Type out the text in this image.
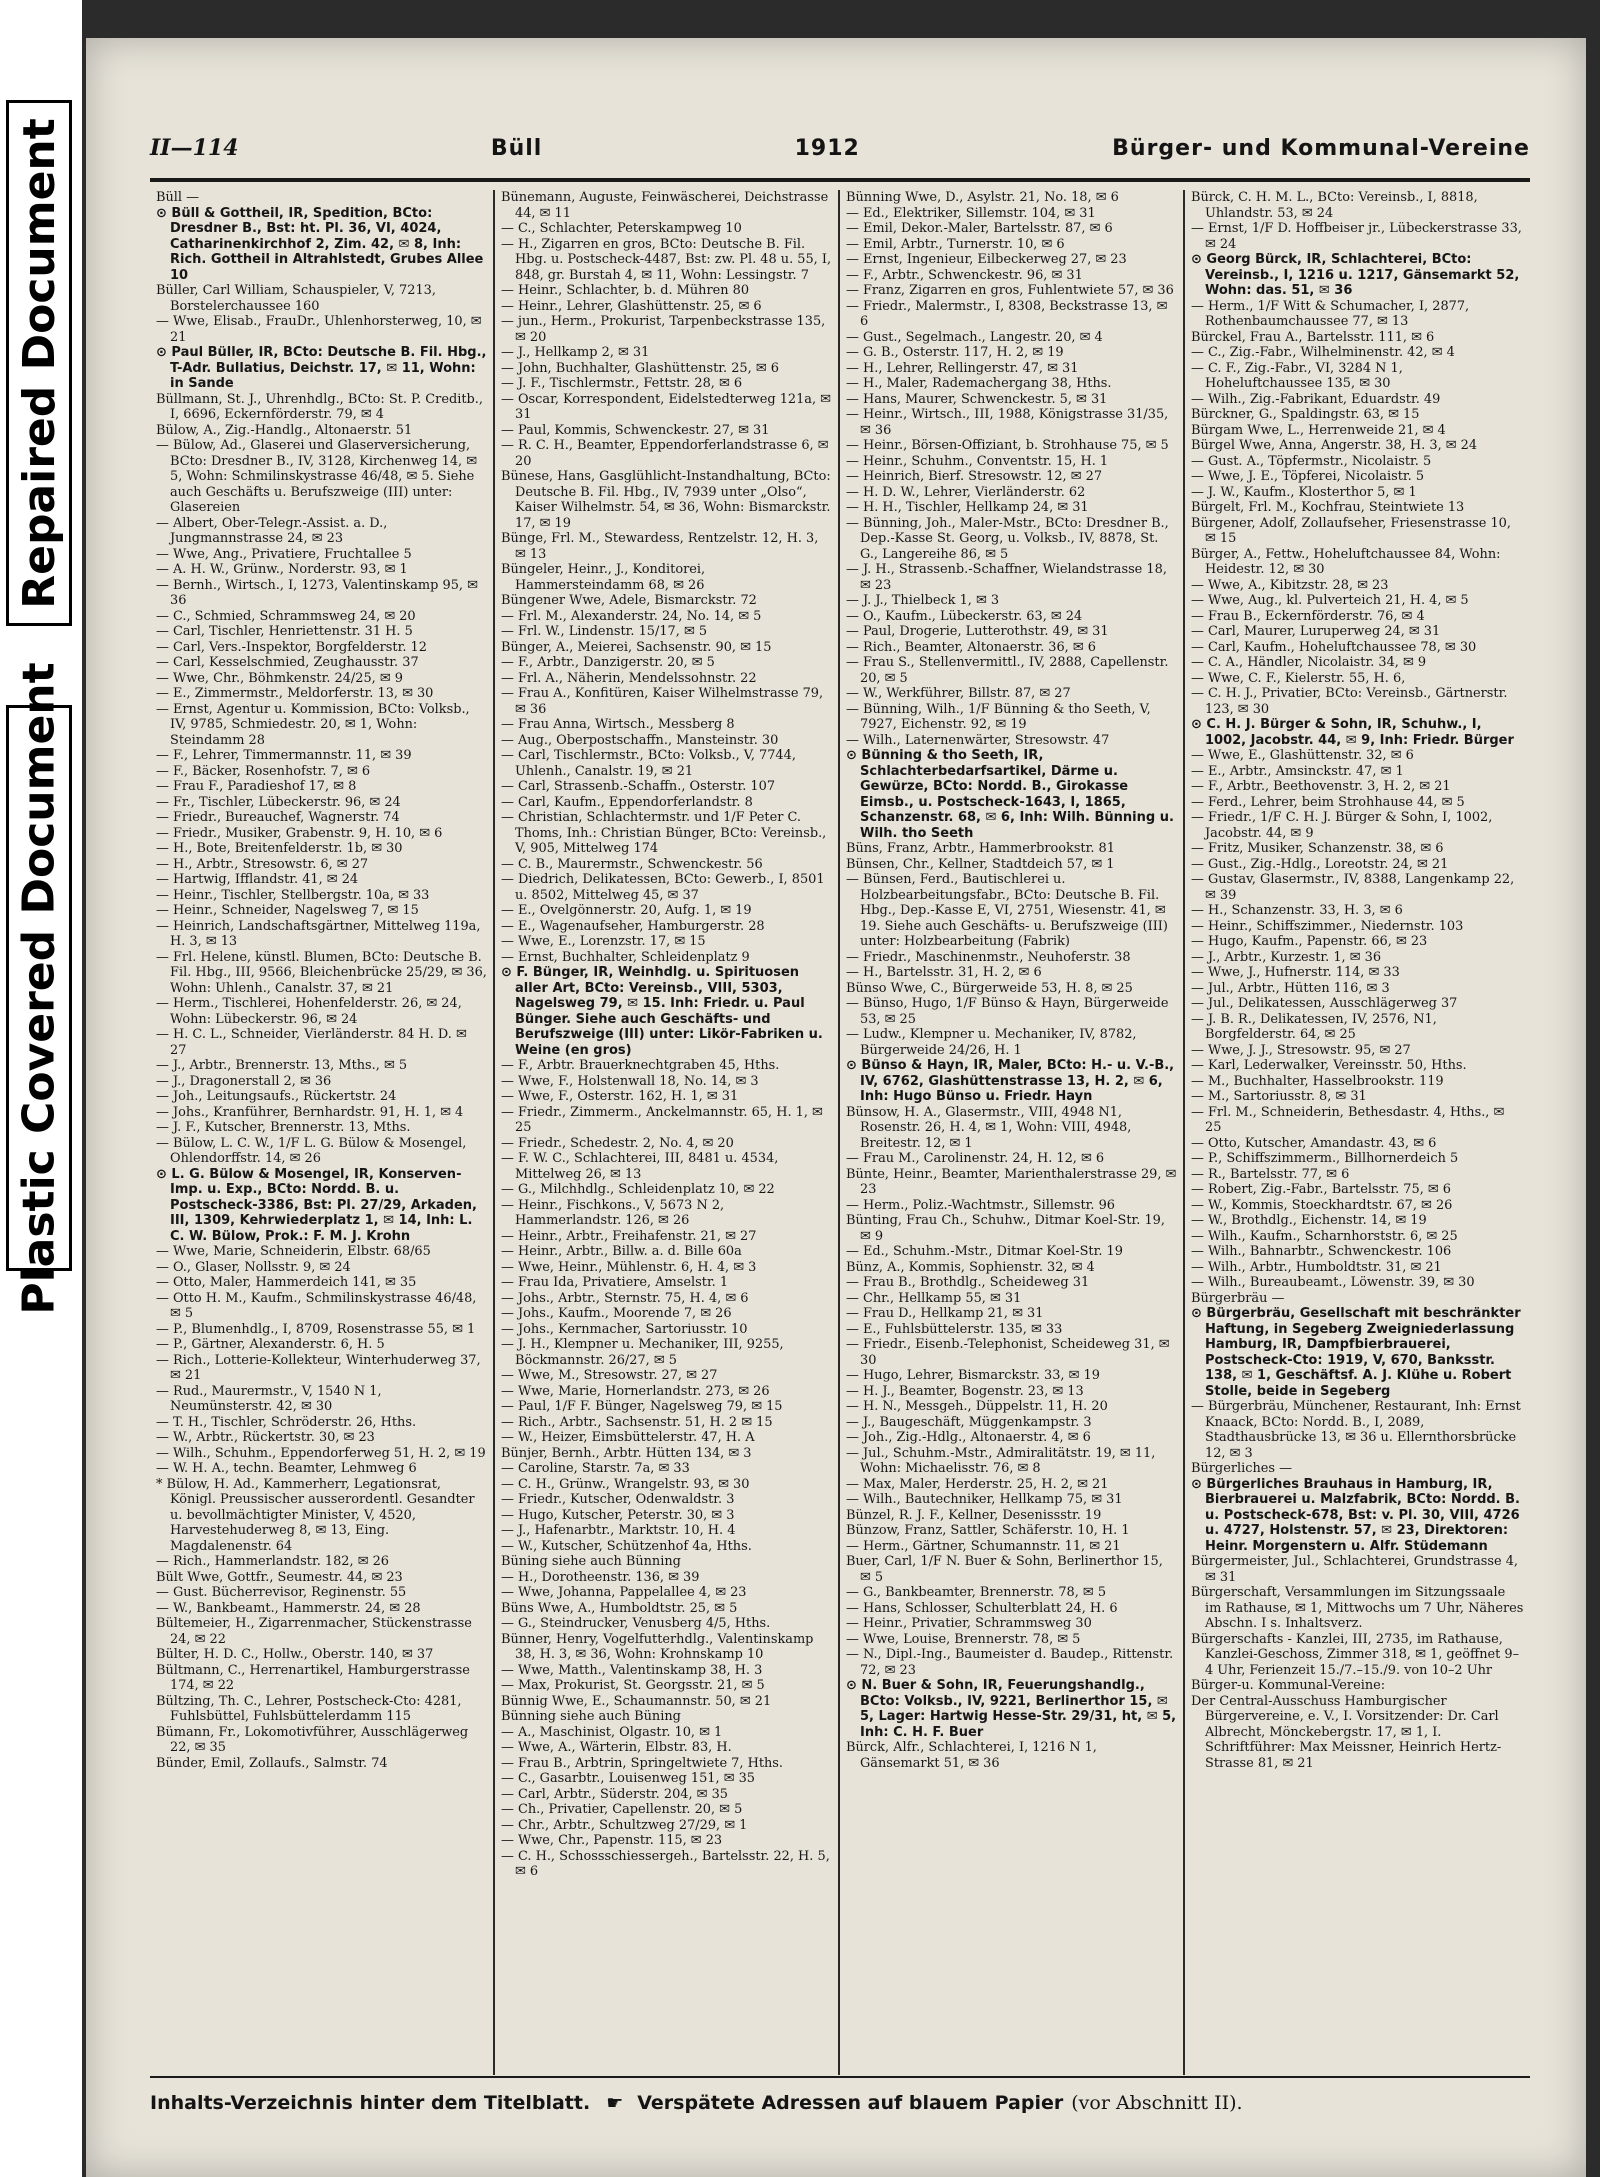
Repaired Document
Plastic Covered Document
II—114	Büll	1912	Bürger- und Kommunal-Vereine
Büll —
⊙ Büll & Gottheil, IR, Spedition, BCto: Dresdner B., Bst: ht. Pl. 36, VI, 4024, Catharinenkirchhof 2, Zim. 42, ✉ 8, Inh: Rich. Gottheil in Altrahlstedt, Grubes Allee 10
Büller, Carl William, Schauspieler, V, 7213, Borstelerchaussee 160
— Wwe, Elisab., FrauDr., Uhlenhorsterweg, 10, ✉ 21
⊙ Paul Büller, IR, BCto: Deutsche B. Fil. Hbg., T-Adr. Bullatius, Deichstr. 17, ✉ 11, Wohn: in Sande
Büllmann, St. J., Uhrenhdlg., BCto: St. P. Creditb., I, 6696, Eckernförderstr. 79, ✉ 4
Bülow, A., Zig.-Handlg., Altonaerstr. 51
— Bülow, Ad., Glaserei und Glaserversicherung, BCto: Dresdner B., IV, 3128, Kirchenweg 14, ✉ 5, Wohn: Schmilinskystrasse 46/48, ✉ 5. Siehe auch Geschäfts u. Berufszweige (III) unter: Glasereien
— Albert, Ober-Telegr.-Assist. a. D., Jungmannstrasse 24, ✉ 23
— Wwe, Ang., Privatiere, Fruchtallee 5
— A. H. W., Grünw., Norderstr. 93, ✉ 1
— Bernh., Wirtsch., I, 1273, Valentinskamp 95, ✉ 36
— C., Schmied, Schrammsweg 24, ✉ 20
— Carl, Tischler, Henriettenstr. 31 H. 5
— Carl, Vers.-Inspektor, Borgfelderstr. 12
— Carl, Kesselschmied, Zeughausstr. 37
— Wwe, Chr., Böhmkenstr. 24/25, ✉ 9
— E., Zimmermstr., Meldorferstr. 13, ✉ 30
— Ernst, Agentur u. Kommission, BCto: Volksb., IV, 9785, Schmiedestr. 20, ✉ 1, Wohn: Steindamm 28
— F., Lehrer, Timmermannstr. 11, ✉ 39
— F., Bäcker, Rosenhofstr. 7, ✉ 6
— Frau F., Paradieshof 17, ✉ 8
— Fr., Tischler, Lübeckerstr. 96, ✉ 24
— Friedr., Bureauchef, Wagnerstr. 74
— Friedr., Musiker, Grabenstr. 9, H. 10, ✉ 6
— H., Bote, Breitenfelderstr. 1b, ✉ 30
— H., Arbtr., Stresowstr. 6, ✉ 27
— Hartwig, Ifflandstr. 41, ✉ 24
— Heinr., Tischler, Stellbergstr. 10a, ✉ 33
— Heinr., Schneider, Nagelsweg 7, ✉ 15
— Heinrich, Landschaftsgärtner, Mittelweg 119a, H. 3, ✉ 13
— Frl. Helene, künstl. Blumen, BCto: Deutsche B. Fil. Hbg., III, 9566, Bleichenbrücke 25/29, ✉ 36, Wohn: Uhlenh., Canalstr. 37, ✉ 21
— Herm., Tischlerei, Hohenfelderstr. 26, ✉ 24, Wohn: Lübeckerstr. 96, ✉ 24
— H. C. L., Schneider, Vierländerstr. 84 H. D. ✉ 27
— J., Arbtr., Brennerstr. 13, Mths., ✉ 5
— J., Dragonerstall 2, ✉ 36
— Joh., Leitungsaufs., Rückertstr. 24
— Johs., Kranführer, Bernhardstr. 91, H. 1, ✉ 4
— J. F., Kutscher, Brennerstr. 13, Mths.
— Bülow, L. C. W., 1/F L. G. Bülow & Mosengel, Ohlendorffstr. 14, ✉ 26
⊙ L. G. Bülow & Mosengel, IR, Konserven-Imp. u. Exp., BCto: Nordd. B. u. Postscheck-3386, Bst: Pl. 27/29, Arkaden, III, 1309, Kehrwiederplatz 1, ✉ 14, Inh: L. C. W. Bülow, Prok.: F. M. J. Krohn
— Wwe, Marie, Schneiderin, Elbstr. 68/65
— O., Glaser, Nollsstr. 9, ✉ 24
— Otto, Maler, Hammerdeich 141, ✉ 35
— Otto H. M., Kaufm., Schmilinskystrasse 46/48, ✉ 5
— P., Blumenhdlg., I, 8709, Rosenstrasse 55, ✉ 1
— P., Gärtner, Alexanderstr. 6, H. 5
— Rich., Lotterie-Kollekteur, Winterhuderweg 37, ✉ 21
— Rud., Maurermstr., V, 1540 N 1, Neumünsterstr. 42, ✉ 30
— T. H., Tischler, Schröderstr. 26, Hths.
— W., Arbtr., Rückertstr. 30, ✉ 23
— Wilh., Schuhm., Eppendorferweg 51, H. 2, ✉ 19
— W. H. A., techn. Beamter, Lehmweg 6
* Bülow, H. Ad., Kammerherr, Legationsrat, Königl. Preussischer ausserordentl. Gesandter u. bevollmächtigter Minister, V, 4520, Harvestehuderweg 8, ✉ 13, Eing. Magdalenenstr. 64
— Rich., Hammerlandstr. 182, ✉ 26
Bült Wwe, Gottfr., Seumestr. 44, ✉ 23
— Gust. Bücherrevisor, Reginenstr. 55
— W., Bankbeamt., Hammerstr. 24, ✉ 28
Bültemeier, H., Zigarrenmacher, Stückenstrasse 24, ✉ 22
Bülter, H. D. C., Hollw., Oberstr. 140, ✉ 37
Bültmann, C., Herrenartikel, Hamburgerstrasse 174, ✉ 22
Bültzing, Th. C., Lehrer, Postscheck-Cto: 4281, Fuhlsbüttel, Fuhlsbüttelerdamm 115
Bümann, Fr., Lokomotivführer, Ausschlägerweg 22, ✉ 35
Bünder, Emil, Zollaufs., Salmstr. 74
Bünemann, Auguste, Feinwäscherei, Deichstrasse 44, ✉ 11
— C., Schlachter, Peterskampweg 10
— H., Zigarren en gros, BCto: Deutsche B. Fil. Hbg. u. Postscheck-4487, Bst: zw. Pl. 48 u. 55, I, 848, gr. Burstah 4, ✉ 11, Wohn: Lessingstr. 7
— Heinr., Schlachter, b. d. Mühren 80
— Heinr., Lehrer, Glashüttenstr. 25, ✉ 6
— jun., Herm., Prokurist, Tarpenbeckstrasse 135, ✉ 20
— J., Hellkamp 2, ✉ 31
— John, Buchhalter, Glashüttenstr. 25, ✉ 6
— J. F., Tischlermstr., Fettstr. 28, ✉ 6
— Oscar, Korrespondent, Eidelstedterweg 121a, ✉ 31
— Paul, Kommis, Schwenckestr. 27, ✉ 31
— R. C. H., Beamter, Eppendorferlandstrasse 6, ✉ 20
Bünese, Hans, Gasglühlicht-Instandhaltung, BCto: Deutsche B. Fil. Hbg., IV, 7939 unter „Olso“, Kaiser Wilhelmstr. 54, ✉ 36, Wohn: Bismarckstr. 17, ✉ 19
Bünge, Frl. M., Stewardess, Rentzelstr. 12, H. 3, ✉ 13
Büngeler, Heinr., J., Konditorei, Hammersteindamm 68, ✉ 26
Büngener Wwe, Adele, Bismarckstr. 72
— Frl. M., Alexanderstr. 24, No. 14, ✉ 5
— Frl. W., Lindenstr. 15/17, ✉ 5
Bünger, A., Meierei, Sachsenstr. 90, ✉ 15
— F., Arbtr., Danzigerstr. 20, ✉ 5
— Frl. A., Näherin, Mendelssohnstr. 22
— Frau A., Konfitüren, Kaiser Wilhelmstrasse 79, ✉ 36
— Frau Anna, Wirtsch., Messberg 8
— Aug., Oberpostschaffn., Mansteinstr. 30
— Carl, Tischlermstr., BCto: Volksb., V, 7744, Uhlenh., Canalstr. 19, ✉ 21
— Carl, Strassenb.-Schaffn., Osterstr. 107
— Carl, Kaufm., Eppendorferlandstr. 8
— Christian, Schlachtermstr. und 1/F Peter C. Thoms, Inh.: Christian Bünger, BCto: Vereinsb., V, 905, Mittelweg 174
— C. B., Maurermstr., Schwenckestr. 56
— Diedrich, Delikatessen, BCto: Gewerb., I, 8501 u. 8502, Mittelweg 45, ✉ 37
— E., Ovelgönnerstr. 20, Aufg. 1, ✉ 19
— E., Wagenaufseher, Hamburgerstr. 28
— Wwe, E., Lorenzstr. 17, ✉ 15
— Ernst, Buchhalter, Schleidenplatz 9
⊙ F. Bünger, IR, Weinhdlg. u. Spirituosen aller Art, BCto: Vereinsb., VIII, 5303, Nagelsweg 79, ✉ 15. Inh: Friedr. u. Paul Bünger. Siehe auch Geschäfts- und Berufszweige (III) unter: Likör-Fabriken u. Weine (en gros)
— F., Arbtr. Brauerknechtgraben 45, Hths.
— Wwe, F., Holstenwall 18, No. 14, ✉ 3
— Wwe, F., Osterstr. 162, H. 1, ✉ 31
— Friedr., Zimmerm., Anckelmannstr. 65, H. 1, ✉ 25
— Friedr., Schedestr. 2, No. 4, ✉ 20
— F. W. C., Schlachterei, III, 8481 u. 4534, Mittelweg 26, ✉ 13
— G., Milchhdlg., Schleidenplatz 10, ✉ 22
— Heinr., Fischkons., V, 5673 N 2, Hammerlandstr. 126, ✉ 26
— Heinr., Arbtr., Freihafenstr. 21, ✉ 27
— Heinr., Arbtr., Billw. a. d. Bille 60a
— Wwe, Heinr., Mühlenstr. 6, H. 4, ✉ 3
— Frau Ida, Privatiere, Amselstr. 1
— Johs., Arbtr., Sternstr. 75, H. 4, ✉ 6
— Johs., Kaufm., Moorende 7, ✉ 26
— Johs., Kernmacher, Sartoriusstr. 10
— J. H., Klempner u. Mechaniker, III, 9255, Böckmannstr. 26/27, ✉ 5
— Wwe, M., Stresowstr. 27, ✉ 27
— Wwe, Marie, Hornerlandstr. 273, ✉ 26
— Paul, 1/F F. Bünger, Nagelsweg 79, ✉ 15
— Rich., Arbtr., Sachsenstr. 51, H. 2 ✉ 15
— W., Heizer, Eimsbüttelerstr. 47, H. A
Bünjer, Bernh., Arbtr. Hütten 134, ✉ 3
— Caroline, Starstr. 7a, ✉ 33
— C. H., Grünw., Wrangelstr. 93, ✉ 30
— Friedr., Kutscher, Odenwaldstr. 3
— Hugo, Kutscher, Peterstr. 30, ✉ 3
— J., Hafenarbtr., Marktstr. 10, H. 4
— W., Kutscher, Schützenhof 4a, Hths.
Büning siehe auch Bünning
— H., Dorotheenstr. 136, ✉ 39
— Wwe, Johanna, Pappelallee 4, ✉ 23
Büns Wwe, A., Humboldtstr. 25, ✉ 5
— G., Steindrucker, Venusberg 4/5, Hths.
Bünner, Henry, Vogelfutterhdlg., Valentinskamp 38, H. 3, ✉ 36, Wohn: Krohnskamp 10
— Wwe, Matth., Valentinskamp 38, H. 3
— Max, Prokurist, St. Georgsstr. 21, ✉ 5
Bünnig Wwe, E., Schaumannstr. 50, ✉ 21
Bünning siehe auch Büning
— A., Maschinist, Olgastr. 10, ✉ 1
— Wwe, A., Wärterin, Elbstr. 83, H.
— Frau B., Arbtrin, Springeltwiete 7, Hths.
— C., Gasarbtr., Louisenweg 151, ✉ 35
— Carl, Arbtr., Süderstr. 204, ✉ 35
— Ch., Privatier, Capellenstr. 20, ✉ 5
— Chr., Arbtr., Schultzweg 27/29, ✉ 1
— Wwe, Chr., Papenstr. 115, ✉ 23
— C. H., Schossschiessergeh., Bartelsstr. 22, H. 5, ✉ 6
Bünning Wwe, D., Asylstr. 21, No. 18, ✉ 6
— Ed., Elektriker, Sillemstr. 104, ✉ 31
— Emil, Dekor.-Maler, Bartelsstr. 87, ✉ 6
— Emil, Arbtr., Turnerstr. 10, ✉ 6
— Ernst, Ingenieur, Eilbeckerweg 27, ✉ 23
— F., Arbtr., Schwenckestr. 96, ✉ 31
— Franz, Zigarren en gros, Fuhlentwiete 57, ✉ 36
— Friedr., Malermstr., I, 8308, Beckstrasse 13, ✉ 6
— Gust., Segelmach., Langestr. 20, ✉ 4
— G. B., Osterstr. 117, H. 2, ✉ 19
— H., Lehrer, Rellingerstr. 47, ✉ 31
— H., Maler, Rademachergang 38, Hths.
— Hans, Maurer, Schwenckestr. 5, ✉ 31
— Heinr., Wirtsch., III, 1988, Königstrasse 31/35, ✉ 36
— Heinr., Börsen-Offiziant, b. Strohhause 75, ✉ 5
— Heinr., Schuhm., Conventstr. 15, H. 1
— Heinrich, Bierf. Stresowstr. 12, ✉ 27
— H. D. W., Lehrer, Vierländerstr. 62
— H. H., Tischler, Hellkamp 24, ✉ 31
— Bünning, Joh., Maler-Mstr., BCto: Dresdner B., Dep.-Kasse St. Georg, u. Volksb., IV, 8878, St. G., Langereihe 86, ✉ 5
— J. H., Strassenb.-Schaffner, Wielandstrasse 18, ✉ 23
— J. J., Thielbeck 1, ✉ 3
— O., Kaufm., Lübeckerstr. 63, ✉ 24
— Paul, Drogerie, Lutterothstr. 49, ✉ 31
— Rich., Beamter, Altonaerstr. 36, ✉ 6
— Frau S., Stellenvermittl., IV, 2888, Capellenstr. 20, ✉ 5
— W., Werkführer, Billstr. 87, ✉ 27
— Bünning, Wilh., 1/F Bünning & tho Seeth, V, 7927, Eichenstr. 92, ✉ 19
— Wilh., Laternenwärter, Stresowstr. 47
⊙ Bünning & tho Seeth, IR, Schlachterbedarfsartikel, Därme u. Gewürze, BCto: Nordd. B., Girokasse Eimsb., u. Postscheck-1643, I, 1865, Schanzenstr. 68, ✉ 6, Inh: Wilh. Bünning u. Wilh. tho Seeth
Büns, Franz, Arbtr., Hammerbrookstr. 81
Bünsen, Chr., Kellner, Stadtdeich 57, ✉ 1
— Bünsen, Ferd., Bautischlerei u. Holzbearbeitungsfabr., BCto: Deutsche B. Fil. Hbg., Dep.-Kasse E, VI, 2751, Wiesenstr. 41, ✉ 19. Siehe auch Geschäfts- u. Berufszweige (III) unter: Holzbearbeitung (Fabrik)
— Friedr., Maschinenmstr., Neuhoferstr. 38
— H., Bartelsstr. 31, H. 2, ✉ 6
Bünso Wwe, C., Bürgerweide 53, H. 8, ✉ 25
— Bünso, Hugo, 1/F Bünso & Hayn, Bürgerweide 53, ✉ 25
— Ludw., Klempner u. Mechaniker, IV, 8782, Bürgerweide 24/26, H. 1
⊙ Bünso & Hayn, IR, Maler, BCto: H.- u. V.-B., IV, 6762, Glashüttenstrasse 13, H. 2, ✉ 6, Inh: Hugo Bünso u. Friedr. Hayn
Bünsow, H. A., Glasermstr., VIII, 4948 N1, Rosenstr. 26, H. 4, ✉ 1, Wohn: VIII, 4948, Breitestr. 12, ✉ 1
— Frau M., Carolinenstr. 24, H. 12, ✉ 6
Bünte, Heinr., Beamter, Marienthalerstrasse 29, ✉ 23
— Herm., Poliz.-Wachtmstr., Sillemstr. 96
Bünting, Frau Ch., Schuhw., Ditmar Koel-Str. 19, ✉ 9
— Ed., Schuhm.-Mstr., Ditmar Koel-Str. 19
Bünz, A., Kommis, Sophienstr. 32, ✉ 4
— Frau B., Brothdlg., Scheideweg 31
— Chr., Hellkamp 55, ✉ 31
— Frau D., Hellkamp 21, ✉ 31
— E., Fuhlsbüttelerstr. 135, ✉ 33
— Friedr., Eisenb.-Telephonist, Scheideweg 31, ✉ 30
— Hugo, Lehrer, Bismarckstr. 33, ✉ 19
— H. J., Beamter, Bogenstr. 23, ✉ 13
— H. N., Messgeh., Düppelstr. 11, H. 20
— J., Baugeschäft, Müggenkampstr. 3
— Joh., Zig.-Hdlg., Altonaerstr. 4, ✉ 6
— Jul., Schuhm.-Mstr., Admiralitätstr. 19, ✉ 11, Wohn: Michaelisstr. 76, ✉ 8
— Max, Maler, Herderstr. 25, H. 2, ✉ 21
— Wilh., Bautechniker, Hellkamp 75, ✉ 31
Bünzel, R. J. F., Kellner, Desenissstr. 19
Bünzow, Franz, Sattler, Schäferstr. 10, H. 1
— Herm., Gärtner, Schumannstr. 11, ✉ 21
Buer, Carl, 1/F N. Buer & Sohn, Berlinerthor 15, ✉ 5
— G., Bankbeamter, Brennerstr. 78, ✉ 5
— Hans, Schlosser, Schulterblatt 24, H. 6
— Heinr., Privatier, Schrammsweg 30
— Wwe, Louise, Brennerstr. 78, ✉ 5
— N., Dipl.-Ing., Baumeister d. Baudep., Rittenstr. 72, ✉ 23
⊙ N. Buer & Sohn, IR, Feuerungshandlg., BCto: Volksb., IV, 9221, Berlinerthor 15, ✉ 5, Lager: Hartwig Hesse-Str. 29/31, ht, ✉ 5, Inh: C. H. F. Buer
Bürck, Alfr., Schlachterei, I, 1216 N 1, Gänsemarkt 51, ✉ 36
Bürck, C. H. M. L., BCto: Vereinsb., I, 8818, Uhlandstr. 53, ✉ 24
— Ernst, 1/F D. Hoffbeiser jr., Lübeckerstrasse 33, ✉ 24
⊙ Georg Bürck, IR, Schlachterei, BCto: Vereinsb., I, 1216 u. 1217, Gänsemarkt 52, Wohn: das. 51, ✉ 36
— Herm., 1/F Witt & Schumacher, I, 2877, Rothenbaumchaussee 77, ✉ 13
Bürckel, Frau A., Bartelsstr. 111, ✉ 6
— C., Zig.-Fabr., Wilhelminenstr. 42, ✉ 4
— C. F., Zig.-Fabr., VI, 3284 N 1, Hoheluftchaussee 135, ✉ 30
— Wilh., Zig.-Fabrikant, Eduardstr. 49
Bürckner, G., Spaldingstr. 63, ✉ 15
Bürgam Wwe, L., Herrenweide 21, ✉ 4
Bürgel Wwe, Anna, Angerstr. 38, H. 3, ✉ 24
— Gust. A., Töpfermstr., Nicolaistr. 5
— Wwe, J. E., Töpferei, Nicolaistr. 5
— J. W., Kaufm., Klosterthor 5, ✉ 1
Bürgelt, Frl. M., Kochfrau, Steintwiete 13
Bürgener, Adolf, Zollaufseher, Friesenstrasse 10, ✉ 15
Bürger, A., Fettw., Hoheluftchaussee 84, Wohn: Heidestr. 12, ✉ 30
— Wwe, A., Kibitzstr. 28, ✉ 23
— Wwe, Aug., kl. Pulverteich 21, H. 4, ✉ 5
— Frau B., Eckernförderstr. 76, ✉ 4
— Carl, Maurer, Luruperweg 24, ✉ 31
— Carl, Kaufm., Hoheluftchaussee 78, ✉ 30
— C. A., Händler, Nicolaistr. 34, ✉ 9
— Wwe, C. F., Kielerstr. 55, H. 6,
— C. H. J., Privatier, BCto: Vereinsb., Gärtnerstr. 123, ✉ 30
⊙ C. H. J. Bürger & Sohn, IR, Schuhw., I, 1002, Jacobstr. 44, ✉ 9, Inh: Friedr. Bürger
— Wwe, E., Glashüttenstr. 32, ✉ 6
— E., Arbtr., Amsinckstr. 47, ✉ 1
— F., Arbtr., Beethovenstr. 3, H. 2, ✉ 21
— Ferd., Lehrer, beim Strohhause 44, ✉ 5
— Friedr., 1/F C. H. J. Bürger & Sohn, I, 1002, Jacobstr. 44, ✉ 9
— Fritz, Musiker, Schanzenstr. 38, ✉ 6
— Gust., Zig.-Hdlg., Loreotstr. 24, ✉ 21
— Gustav, Glasermstr., IV, 8388, Langenkamp 22, ✉ 39
— H., Schanzenstr. 33, H. 3, ✉ 6
— Heinr., Schiffszimmer., Niedernstr. 103
— Hugo, Kaufm., Papenstr. 66, ✉ 23
— J., Arbtr., Kurzestr. 1, ✉ 36
— Wwe, J., Hufnerstr. 114, ✉ 33
— Jul., Arbtr., Hütten 116, ✉ 3
— Jul., Delikatessen, Ausschlägerweg 37
— J. B. R., Delikatessen, IV, 2576, N1, Borgfelderstr. 64, ✉ 25
— Wwe, J. J., Stresowstr. 95, ✉ 27
— Karl, Lederwalker, Vereinsstr. 50, Hths.
— M., Buchhalter, Hasselbrookstr. 119
— M., Sartoriusstr. 8, ✉ 31
— Frl. M., Schneiderin, Bethesdastr. 4, Hths., ✉ 25
— Otto, Kutscher, Amandastr. 43, ✉ 6
— P., Schiffszimmerm., Billhornerdeich 5
— R., Bartelsstr. 77, ✉ 6
— Robert, Zig.-Fabr., Bartelsstr. 75, ✉ 6
— W., Kommis, Stoeckhardtstr. 67, ✉ 26
— W., Brothdlg., Eichenstr. 14, ✉ 19
— Wilh., Kaufm., Scharnhorststr. 6, ✉ 25
— Wilh., Bahnarbtr., Schwenckestr. 106
— Wilh., Arbtr., Humboldtstr. 31, ✉ 21
— Wilh., Bureaubeamt., Löwenstr. 39, ✉ 30
Bürgerbräu —
⊙ Bürgerbräu, Gesellschaft mit beschränkter Haftung, in Segeberg Zweigniederlassung Hamburg, IR, Dampfbierbrauerei, Postscheck-Cto: 1919, V, 670, Banksstr. 138, ✉ 1, Geschäftsf. A. J. Klühe u. Robert Stolle, beide in Segeberg
— Bürgerbräu, Münchener, Restaurant, Inh: Ernst Knaack, BCto: Nordd. B., I, 2089, Stadthausbrücke 13, ✉ 36 u. Ellernthorsbrücke 12, ✉ 3
Bürgerliches —
⊙ Bürgerliches Brauhaus in Hamburg, IR, Bierbrauerei u. Malzfabrik, BCto: Nordd. B. u. Postscheck-678, Bst: v. Pl. 30, VIII, 4726 u. 4727, Holstenstr. 57, ✉ 23, Direktoren: Heinr. Morgenstern u. Alfr. Stüdemann
Bürgermeister, Jul., Schlachterei, Grundstrasse 4, ✉ 31
Bürgerschaft, Versammlungen im Sitzungssaale im Rathause, ✉ 1, Mittwochs um 7 Uhr, Näheres Abschn. I s. Inhaltsverz.
Bürgerschafts - Kanzlei, III, 2735, im Rathause, Kanzlei-Geschoss, Zimmer 318, ✉ 1, geöffnet 9–4 Uhr, Ferienzeit 15./7.–15./9. von 10–2 Uhr
Bürger-u. Kommunal-Vereine:
Der Central-Ausschuss Hamburgischer Bürgervereine, e. V., I. Vorsitzender: Dr. Carl Albrecht, Mönckebergstr. 17, ✉ 1, I. Schriftführer: Max Meissner, Heinrich Hertz-Strasse 81, ✉ 21
Inhalts-Verzeichnis hinter dem Titelblatt. ☛ Verspätete Adressen auf blauem Papier (vor Abschnitt II).
